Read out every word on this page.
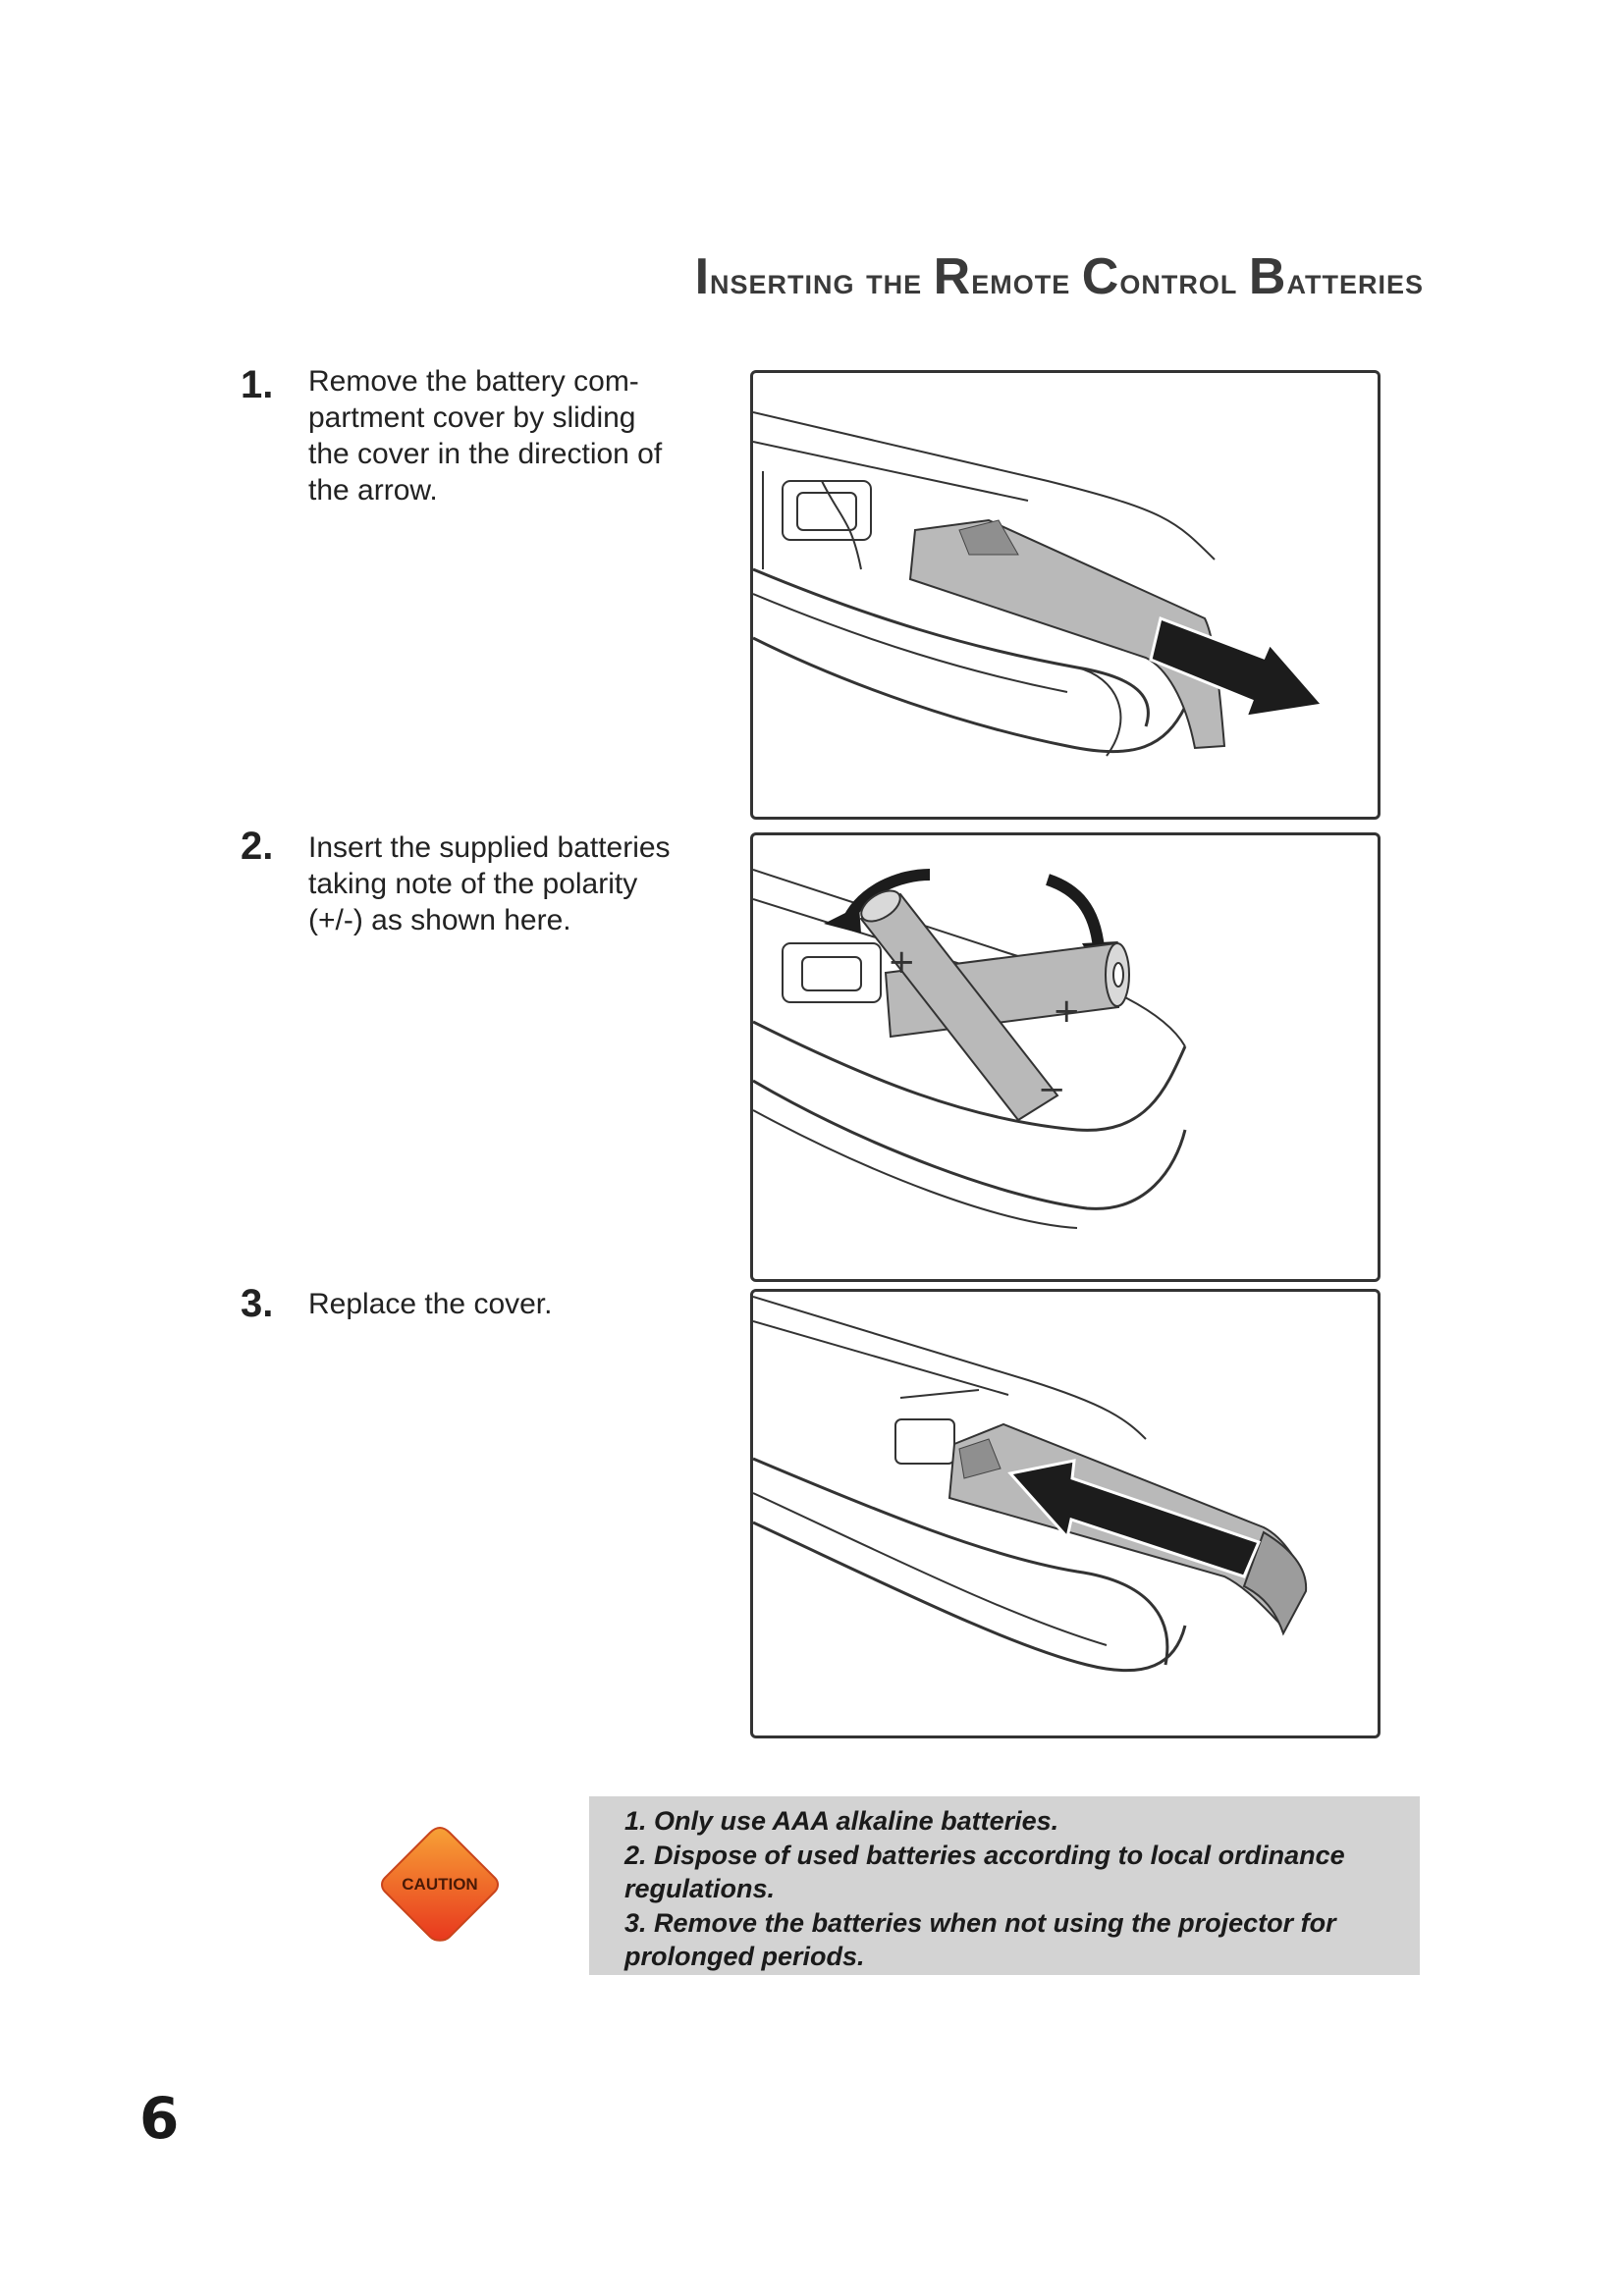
Inserting the Remote Control Batteries
1. Remove the battery com-
partment cover by sliding
the cover in the direction of
the arrow.
2. Insert the supplied batteries
taking note of the polarity
(+/-) as shown here.
3. Replace the cover.
+
+
−
CAUTION
1. Only use AAA alkaline batteries.
2. Dispose of used batteries according to local ordinance
regulations.
3. Remove the batteries when not using the projector for
prolonged periods.
6
